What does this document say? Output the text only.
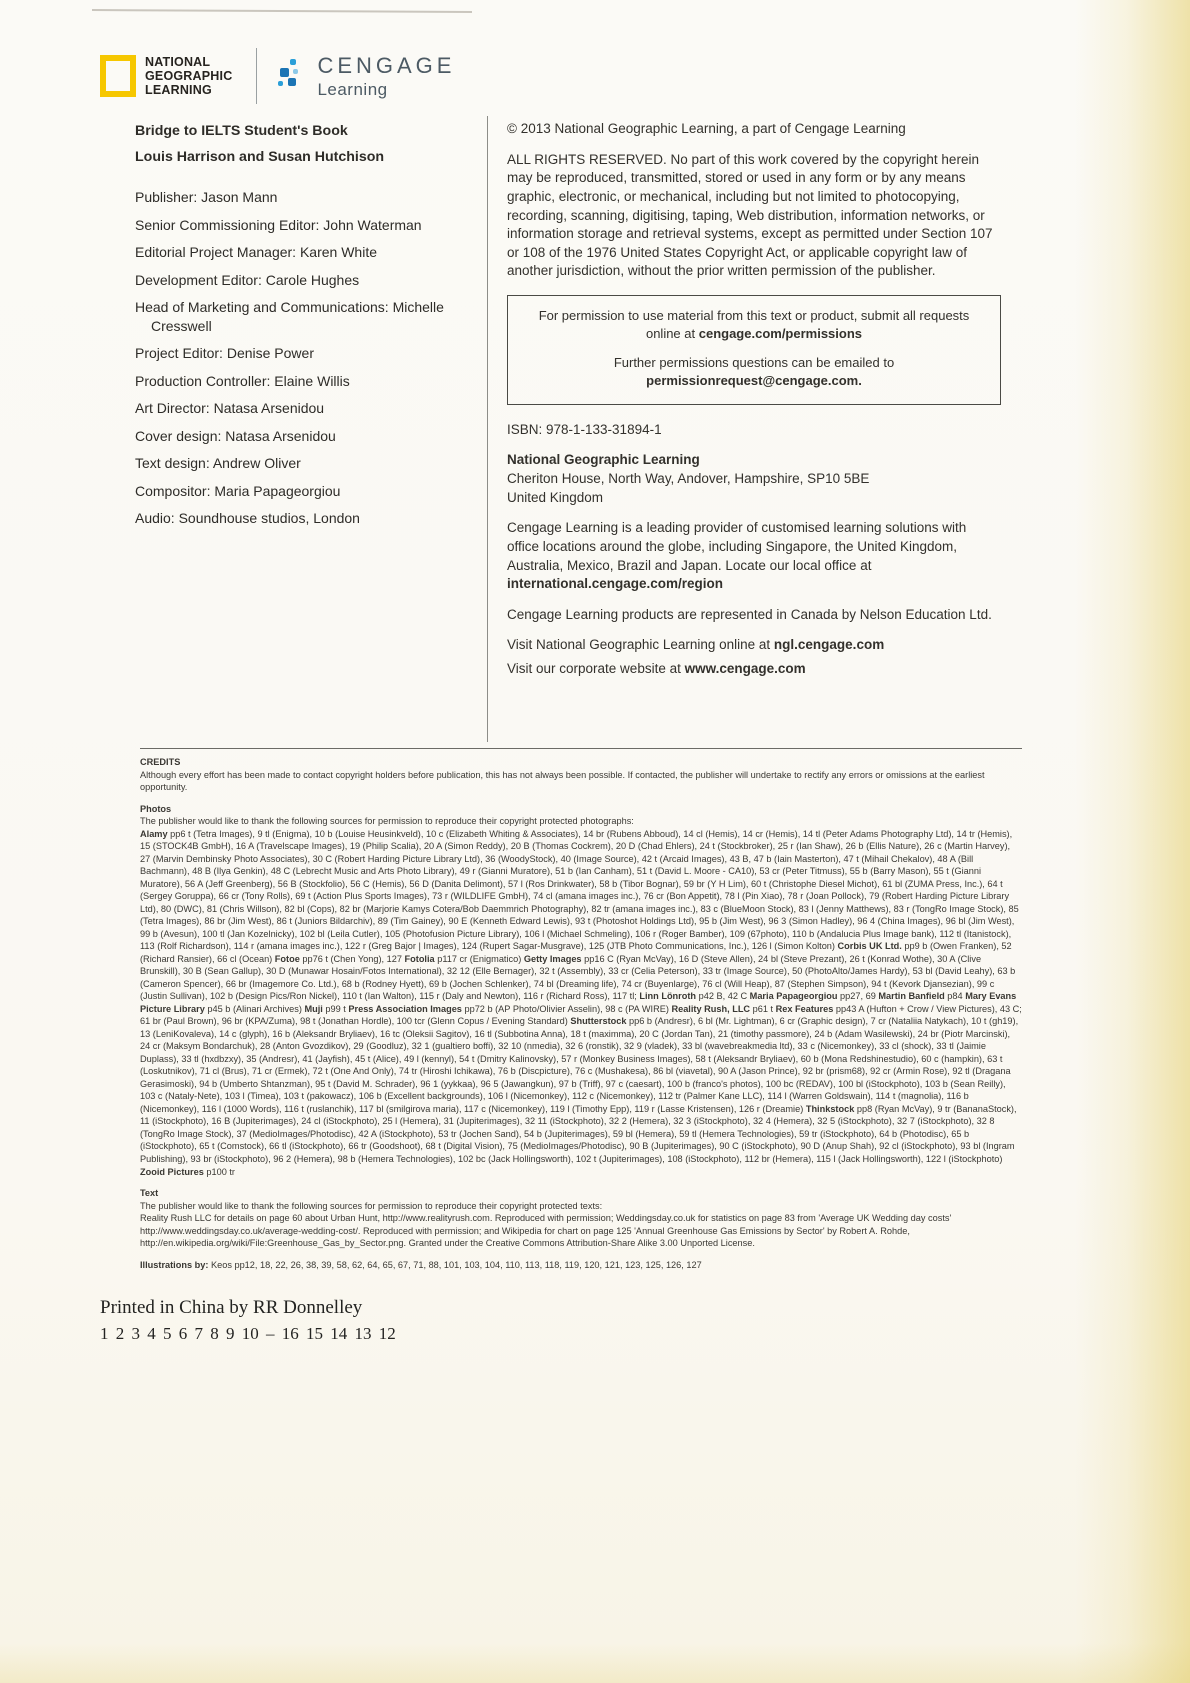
NATIONAL
GEOGRAPHIC
LEARNING
CENGAGE
Learning
Bridge to IELTS Student's Book
Louis Harrison and Susan Hutchison
Publisher: Jason Mann
Senior Commissioning Editor: John Waterman
Editorial Project Manager: Karen White
Development Editor: Carole Hughes
Head of Marketing and Communications: Michelle Cresswell
Project Editor: Denise Power
Production Controller: Elaine Willis
Art Director: Natasa Arsenidou
Cover design: Natasa Arsenidou
Text design: Andrew Oliver
Compositor: Maria Papageorgiou
Audio: Soundhouse studios, London

© 2013 National Geographic Learning, a part of Cengage Learning

ALL RIGHTS RESERVED. No part of this work covered by the copyright herein may be reproduced, transmitted, stored or used in any form or by any means graphic, electronic, or mechanical, including but not limited to photocopying, recording, scanning, digitising, taping, Web distribution, information networks, or information storage and retrieval systems, except as permitted under Section 107 or 108 of the 1976 United States Copyright Act, or applicable copyright law of another jurisdiction, without the prior written permission of the publisher.

For permission to use material from this text or product, submit all requests online at cengage.com/permissions

Further permissions questions can be emailed to permissionrequest@cengage.com.

ISBN: 978-1-133-31894-1

National Geographic Learning
Cheriton House, North Way, Andover, Hampshire, SP10 5BE
United Kingdom

Cengage Learning is a leading provider of customised learning solutions with office locations around the globe, including Singapore, the United Kingdom, Australia, Mexico, Brazil and Japan. Locate our local office at international.cengage.com/region

Cengage Learning products are represented in Canada by Nelson Education Ltd.

Visit National Geographic Learning online at ngl.cengage.com

Visit our corporate website at www.cengage.com

CREDITS

Although every effort has been made to contact copyright holders before publication, this has not always been possible. If contacted, the publisher will undertake to rectify any errors or omissions at the earliest opportunity.

Photos

The publisher would like to thank the following sources for permission to reproduce their copyright protected photographs:

Alamy pp6 t (Tetra Images), 9 tl (Enigma), 10 b (Louise Heusinkveld), 10 c (Elizabeth Whiting & Associates), 14 br (Rubens Abboud), 14 cl (Hemis), 14 cr (Hemis), 14 tl (Peter Adams Photography Ltd), 14 tr (Hemis), 15 (STOCK4B GmbH), 16 A (Travelscape Images), 19 (Philip Scalia), 20 A (Simon Reddy), 20 B (Thomas Cockrem), 20 D (Chad Ehlers), 24 t (Stockbroker), 25 r (Ian Shaw), 26 b (Ellis Nature), 26 c (Martin Harvey), 27 (Marvin Dembinsky Photo Associates), 30 C (Robert Harding Picture Library Ltd), 36 (WoodyStock), 40 (Image Source), 42 t (Arcaid Images), 43 B, 47 b (Iain Masterton), 47 t (Mihail Chekalov), 48 A (Bill Bachmann), 48 B (Ilya Genkin), 48 C (Lebrecht Music and Arts Photo Library), 49 r (Gianni Muratore), 51 b (Ian Canham), 51 t (David L. Moore - CA10), 53 cr (Peter Titmuss), 55 b (Barry Mason), 55 t (Gianni Muratore), 56 A (Jeff Greenberg), 56 B (Stockfolio), 56 C (Hemis), 56 D (Danita Delimont), 57 l (Ros Drinkwater), 58 b (Tibor Bognar), 59 br (Y H Lim), 60 t (Christophe Diesel Michot), 61 bl (ZUMA Press, Inc.), 64 t (Sergey Goruppa), 66 cr (Tony Rolls), 69 t (Action Plus Sports Images), 73 r (WILDLIFE GmbH), 74 cl (amana images inc.), 76 cr (Bon Appetit), 78 l (Pin Xiao), 78 r (Joan Pollock), 79 (Robert Harding Picture Library Ltd), 80 (DWC), 81 (Chris Willson), 82 bl (Cops), 82 br (Marjorie Kamys Cotera/Bob Daemmrich Photography), 82 tr (amana images inc.), 83 c (BlueMoon Stock), 83 l (Jenny Matthews), 83 r (TongRo Image Stock), 85 (Tetra Images), 86 br (Jim West), 86 t (Juniors Bildarchiv), 89 (Tim Gainey), 90 E (Kenneth Edward Lewis), 93 t (Photoshot Holdings Ltd), 95 b (Jim West), 96 3 (Simon Hadley), 96 4 (China Images), 96 bl (Jim West), 99 b (Avesun), 100 tl (Jan Kozelnicky), 102 bl (Leila Cutler), 105 (Photofusion Picture Library), 106 l (Michael Schmeling), 106 r (Roger Bamber), 109 (67photo), 110 b (Andalucia Plus Image bank), 112 tl (Itanistock), 113 (Rolf Richardson), 114 r (amana images inc.), 122 r (Greg Bajor | Images), 124 (Rupert Sagar-Musgrave), 125 (JTB Photo Communications, Inc.), 126 l (Simon Kolton) Corbis UK Ltd. pp9 b (Owen Franken), 52 (Richard Ransier), 66 cl (Ocean) Fotoe pp76 t (Chen Yong), 127 Fotolia p117 cr (Enigmatico) Getty Images pp16 C (Ryan McVay), 16 D (Steve Allen), 24 bl (Steve Prezant), 26 t (Konrad Wothe), 30 A (Clive Brunskill), 30 B (Sean Gallup), 30 D (Munawar Hosain/Fotos International), 32 12 (Elle Bernager), 32 t (Assembly), 33 cr (Celia Peterson), 33 tr (Image Source), 50 (PhotoAlto/James Hardy), 53 bl (David Leahy), 63 b (Cameron Spencer), 66 br (Imagemore Co. Ltd.), 68 b (Rodney Hyett), 69 b (Jochen Schlenker), 74 bl (Dreaming life), 74 cr (Buyenlarge), 76 cl (Will Heap), 87 (Stephen Simpson), 94 t (Kevork Djansezian), 99 c (Justin Sullivan), 102 b (Design Pics/Ron Nickel), 110 t (Ian Walton), 115 r (Daly and Newton), 116 r (Richard Ross), 117 tl; Linn Lönroth p42 B, 42 C Maria Papageorgiou pp27, 69 Martin Banfield p84 Mary Evans Picture Library p45 b (Alinari Archives) Muji p99 t Press Association Images pp72 b (AP Photo/Olivier Asselin), 98 c (PA WIRE) Reality Rush, LLC p61 t Rex Features pp43 A (Hufton + Crow / View Pictures), 43 C; 61 br (Paul Brown), 96 br (KPA/Zuma), 98 t (Jonathan Hordle), 100 tcr (Glenn Copus / Evening Standard) Shutterstock pp6 b (Andresr), 6 bl (Mr. Lightman), 6 cr (Graphic design), 7 cr (Nataliia Natykach), 10 t (gh19), 13 (LeniKovaleva), 14 c (glyph), 16 b (Aleksandr Bryliaev), 16 tc (Oleksii Sagitov), 16 tl (Subbotina Anna), 18 t (maximma), 20 C (Jordan Tan), 21 (timothy passmore), 24 b (Adam Wasilewski), 24 br (Piotr Marcinski), 24 cr (Maksym Bondarchuk), 28 (Anton Gvozdikov), 29 (Goodluz), 32 1 (gualtiero boffi), 32 10 (nmedia), 32 6 (ronstik), 32 9 (vladek), 33 bl (wavebreakmedia ltd), 33 c (Nicemonkey), 33 cl (shock), 33 tl (Jaimie Duplass), 33 tl (hxdbzxy), 35 (Andresr), 41 (Jayfish), 45 t (Alice), 49 l (kennyl), 54 t (Dmitry Kalinovsky), 57 r (Monkey Business Images), 58 t (Aleksandr Bryliaev), 60 b (Mona Redshinestudio), 60 c (hampkin), 63 t (Loskutnikov), 71 cl (Brus), 71 cr (Ermek), 72 t (One And Only), 74 tr (Hiroshi Ichikawa), 76 b (Discpicture), 76 c (Mushakesa), 86 bl (viavetal), 90 A (Jason Prince), 92 br (prism68), 92 cr (Armin Rose), 92 tl (Dragana Gerasimoski), 94 b (Umberto Shtanzman), 95 t (David M. Schrader), 96 1 (yykkaa), 96 5 (Jawangkun), 97 b (Triff), 97 c (caesart), 100 b (franco's photos), 100 bc (REDAV), 100 bl (iStockphoto), 103 b (Sean Reilly), 103 c (Nataly-Nete), 103 l (Timea), 103 t (pakowacz), 106 b (Excellent backgrounds), 106 l (Nicemonkey), 112 c (Nicemonkey), 112 tr (Palmer Kane LLC), 114 l (Warren Goldswain), 114 t (magnolia), 116 b (Nicemonkey), 116 l (1000 Words), 116 t (ruslanchik), 117 bl (smilgirova maria), 117 c (Nicemonkey), 119 l (Timothy Epp), 119 r (Lasse Kristensen), 126 r (Dreamie) Thinkstock pp8 (Ryan McVay), 9 tr (BananaStock), 11 (iStockphoto), 16 B (Jupiterimages), 24 cl (iStockphoto), 25 l (Hemera), 31 (Jupiterimages), 32 11 (iStockphoto), 32 2 (Hemera), 32 3 (iStockphoto), 32 4 (Hemera), 32 5 (iStockphoto), 32 7 (iStockphoto), 32 8 (TongRo Image Stock), 37 (MedioImages/Photodisc), 42 A (iStockphoto), 53 tr (Jochen Sand), 54 b (Jupiterimages), 59 bl (Hemera), 59 tl (Hemera Technologies), 59 tr (iStockphoto), 64 b (Photodisc), 65 b (iStockphoto), 65 t (Comstock), 66 tl (iStockphoto), 66 tr (Goodshoot), 68 t (Digital Vision), 75 (MedioImages/Photodisc), 90 B (Jupiterimages), 90 C (iStockphoto), 90 D (Anup Shah), 92 cl (iStockphoto), 93 bl (Ingram Publishing), 93 br (iStockphoto), 96 2 (Hemera), 98 b (Hemera Technologies), 102 bc (Jack Hollingsworth), 102 t (Jupiterimages), 108 (iStockphoto), 112 br (Hemera), 115 l (Jack Hollingsworth), 122 l (iStockphoto) Zooid Pictures p100 tr

Text

The publisher would like to thank the following sources for permission to reproduce their copyright protected texts:

Reality Rush LLC for details on page 60 about Urban Hunt, http://www.realityrush.com. Reproduced with permission; Weddingsday.co.uk for statistics on page 83 from 'Average UK Wedding day costs' http://www.weddingsday.co.uk/average-wedding-cost/. Reproduced with permission; and Wikipedia for chart on page 125 'Annual Greenhouse Gas Emissions by Sector' by Robert A. Rohde, http://en.wikipedia.org/wiki/File:Greenhouse_Gas_by_Sector.png. Granted under the Creative Commons Attribution-Share Alike 3.00 Unported License.

Illustrations by: Keos pp12, 18, 22, 26, 38, 39, 58, 62, 64, 65, 67, 71, 88, 101, 103, 104, 110, 113, 118, 119, 120, 121, 123, 125, 126, 127

Printed in China by RR Donnelley
1 2 3 4 5 6 7 8 9 10 – 16 15 14 13 12
